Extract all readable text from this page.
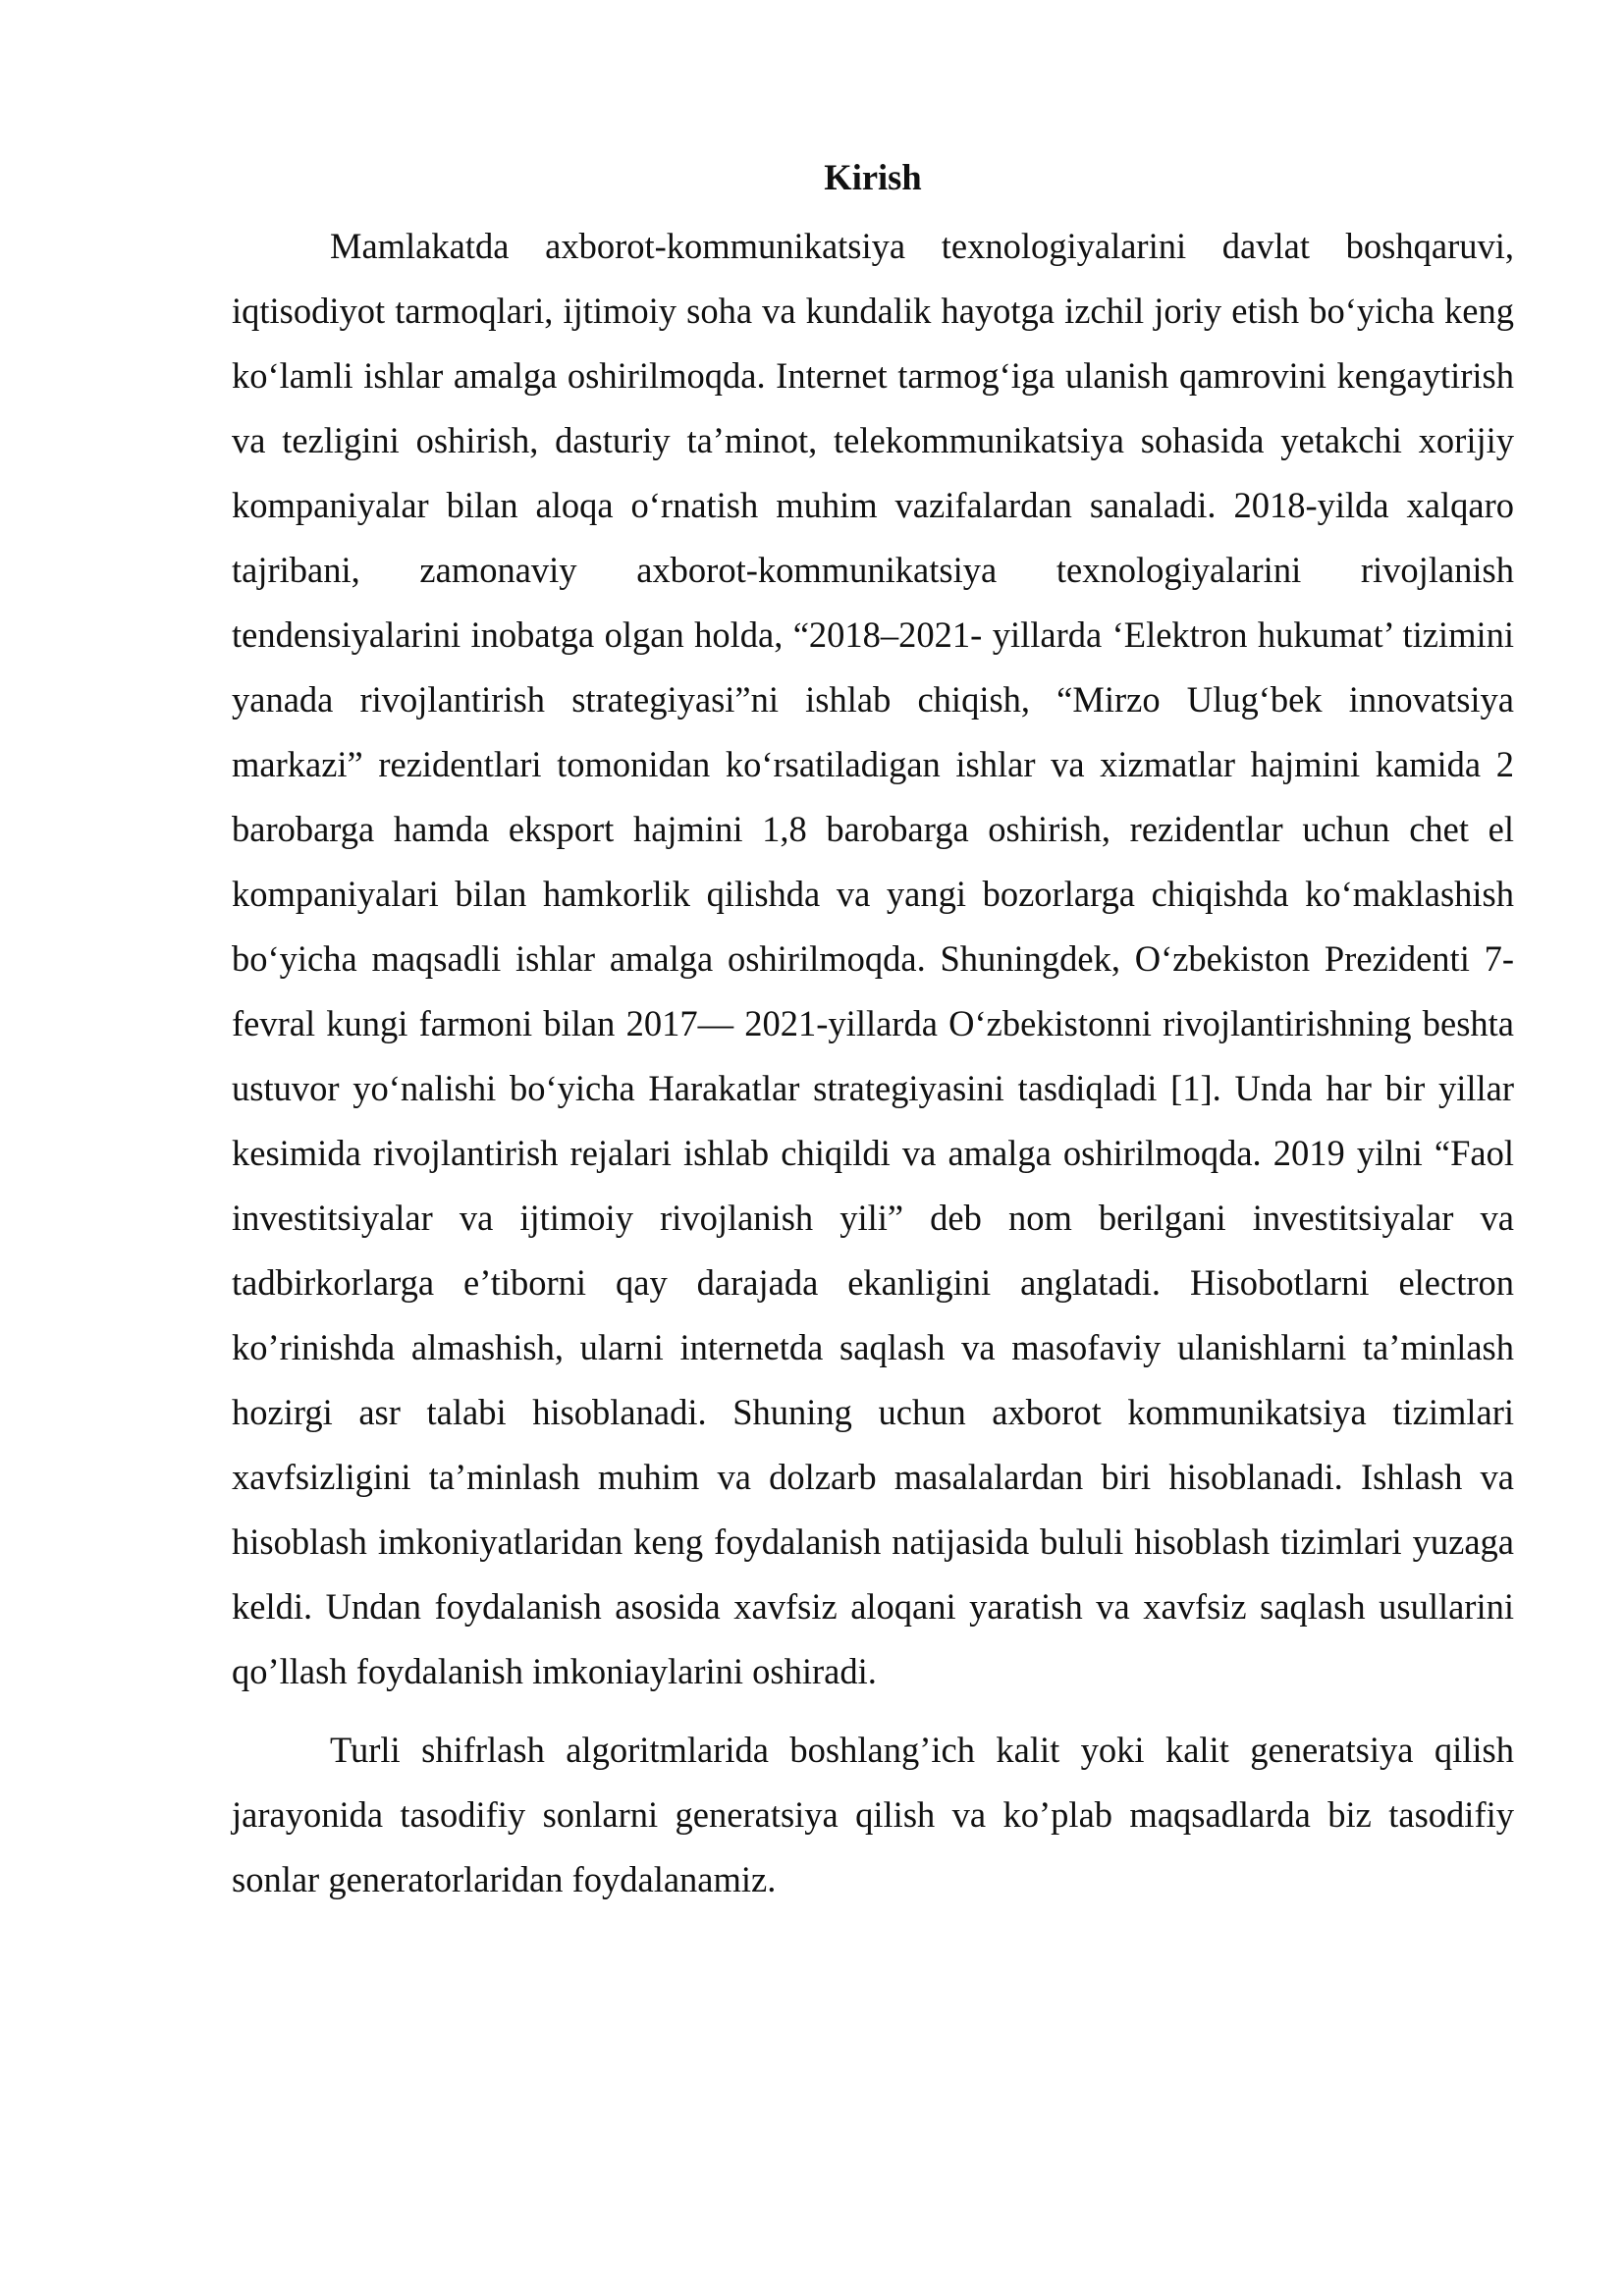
Kirish

Mamlakatda axborot-kommunikatsiya texnologiyalarini davlat boshqaruvi, iqtisodiyot tarmoqlari, ijtimoiy soha va kundalik hayotga izchil joriy etish bo‘yicha keng ko‘lamli ishlar amalga oshirilmoqda. Internet tarmog‘iga ulanish qamrovini kengaytirish va tezligini oshirish, dasturiy ta’minot, telekommunikatsiya sohasida yetakchi xorijiy kompaniyalar bilan aloqa o‘rnatish muhim vazifalardan sanaladi. 2018-yilda xalqaro tajribani, zamonaviy axborot-kommunikatsiya texnologiyalarini rivojlanish tendensiyalarini inobatga olgan holda, “2018–2021- yillarda ‘Elektron hukumat’ tizimini yanada rivojlantirish strategiyasi”ni ishlab chiqish, “Mirzo Ulug‘bek innovatsiya markazi” rezidentlari tomonidan ko‘rsatiladigan ishlar va xizmatlar hajmini kamida 2 barobarga hamda eksport hajmini 1,8 barobarga oshirish, rezidentlar uchun chet el kompaniyalari bilan hamkorlik qilishda va yangi bozorlarga chiqishda ko‘maklashish bo‘yicha maqsadli ishlar amalga oshirilmoqda. Shuningdek, O‘zbekiston Prezidenti 7-fevral kungi farmoni bilan 2017— 2021-yillarda O‘zbekistonni rivojlantirishning beshta ustuvor yo‘nalishi bo‘yicha Harakatlar strategiyasini tasdiqladi [1]. Unda har bir yillar kesimida rivojlantirish rejalari ishlab chiqildi va amalga oshirilmoqda. 2019 yilni “Faol investitsiyalar va ijtimoiy rivojlanish yili” deb nom berilgani investitsiyalar va tadbirkorlarga e’tiborni qay darajada ekanligini anglatadi. Hisobotlarni electron ko’rinishda almashish, ularni internetda saqlash va masofaviy ulanishlarni ta’minlash hozirgi asr talabi hisoblanadi. Shuning uchun axborot kommunikatsiya tizimlari xavfsizligini ta’minlash muhim va dolzarb masalalardan biri hisoblanadi. Ishlash va hisoblash imkoniyatlaridan keng foydalanish natijasida bululi hisoblash tizimlari yuzaga keldi. Undan foydalanish asosida xavfsiz aloqani yaratish va xavfsiz saqlash usullarini qo’llash foydalanish imkoniaylarini oshiradi.

Turli shifrlash algoritmlarida boshlang’ich kalit yoki kalit generatsiya qilish jarayonida tasodifiy sonlarni generatsiya qilish va ko’plab maqsadlarda biz tasodifiy sonlar generatorlaridan foydalanamiz.
